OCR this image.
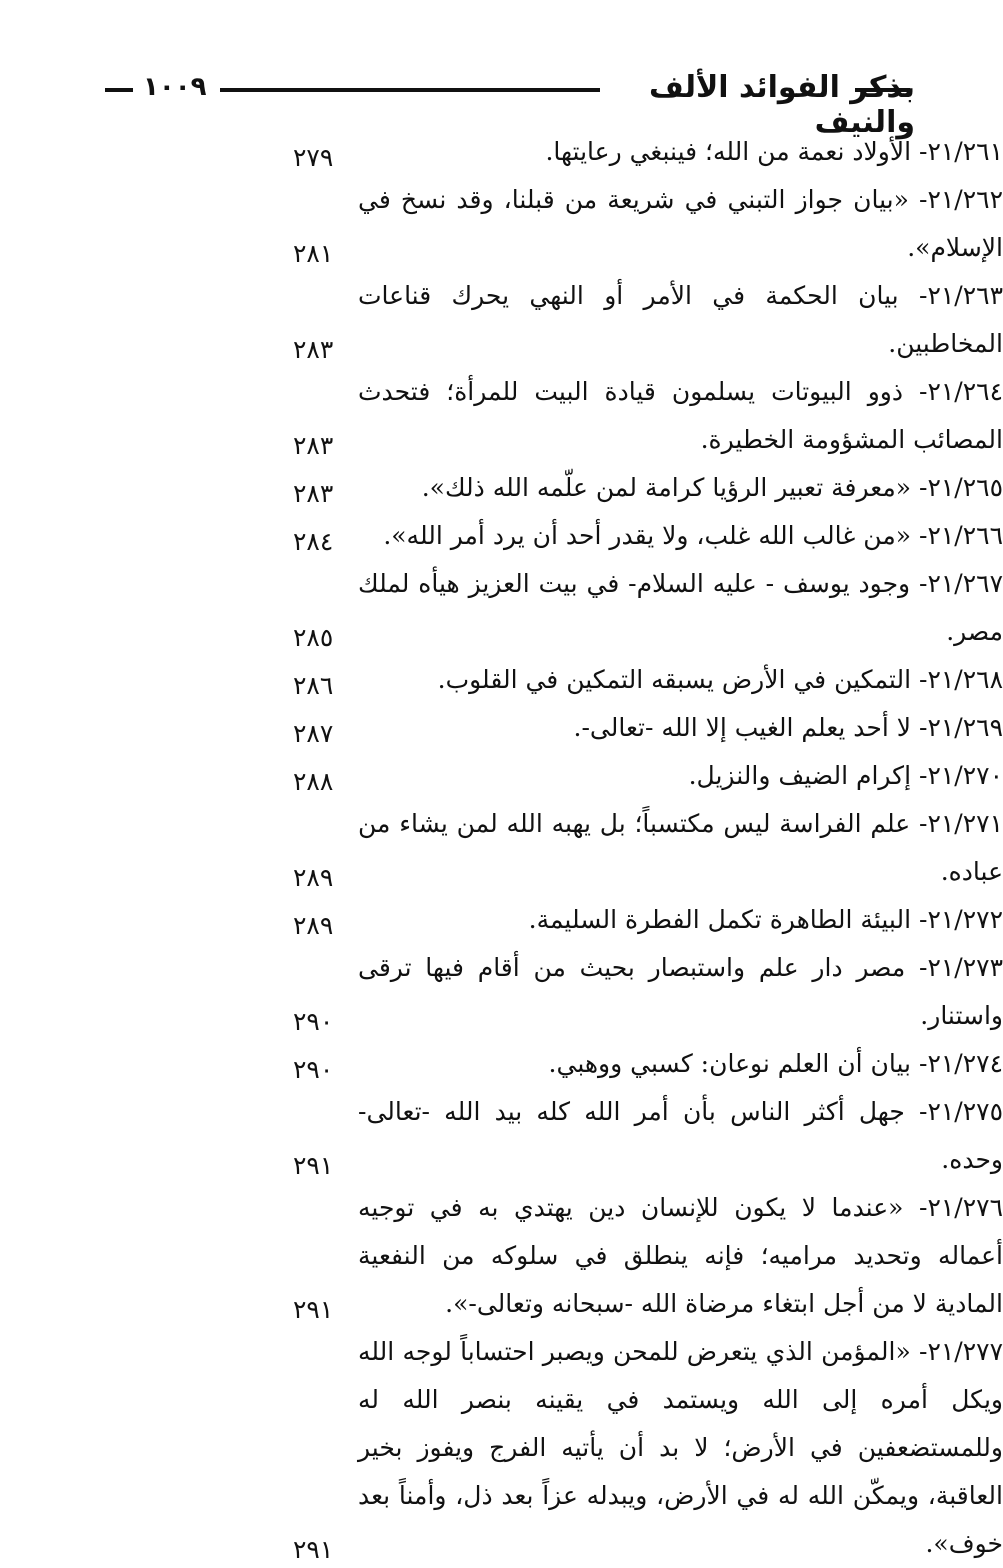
بذكر الفوائد الألف والنيف
١٠٠٩
٢١/٢٦١- الأولاد نعمة من الله؛ فينبغي رعايتها.
٢٧٩
٢١/٢٦٢- «بيان جواز التبني في شريعة من قبلنا، وقد نسخ في الإسلام».
٢٨١
٢١/٢٦٣- بيان الحكمة في الأمر أو النهي يحرك قناعات المخاطبين.
٢٨٣
٢١/٢٦٤- ذوو البيوتات يسلمون قيادة البيت للمرأة؛ فتحدث المصائب المشؤومة الخطيرة.
٢٨٣
٢١/٢٦٥- «معرفة تعبير الرؤيا كرامة لمن علّمه الله ذلك».
٢٨٣
٢١/٢٦٦- «من غالب الله غلب، ولا يقدر أحد أن يرد أمر الله».
٢٨٤
٢١/٢٦٧- وجود يوسف - عليه السلام- في بيت العزيز هيأه لملك مصر.
٢٨٥
٢١/٢٦٨- التمكين في الأرض يسبقه التمكين في القلوب.
٢٨٦
٢١/٢٦٩- لا أحد يعلم الغيب إلا الله -تعالى-.
٢٨٧
٢١/٢٧٠- إكرام الضيف والنزيل.
٢٨٨
٢١/٢٧١- علم الفراسة ليس مكتسباً؛ بل يهبه الله لمن يشاء من عباده.
٢٨٩
٢١/٢٧٢- البيئة الطاهرة تكمل الفطرة السليمة.
٢٨٩
٢١/٢٧٣- مصر دار علم واستبصار بحيث من أقام فيها ترقى واستنار.
٢٩٠
٢١/٢٧٤- بيان أن العلم نوعان: كسبي ووهبي.
٢٩٠
٢١/٢٧٥- جهل أكثر الناس بأن أمر الله كله بيد الله -تعالى- وحده.
٢٩١
٢١/٢٧٦- «عندما لا يكون للإنسان دين يهتدي به في توجيه أعماله وتحديد مراميه؛ فإنه ينطلق في سلوكه من النفعية المادية لا من أجل ابتغاء مرضاة الله -سبحانه وتعالى-».
٢٩١
٢١/٢٧٧- «المؤمن الذي يتعرض للمحن ويصبر احتساباً لوجه الله ويكل أمره إلى الله ويستمد في يقينه بنصر الله له وللمستضعفين في الأرض؛ لا بد أن يأتيه الفرج ويفوز بخير العاقبة، ويمكّن الله له في الأرض، ويبدله عزاً بعد ذل، وأمناً بعد خوف».
٢٩١
